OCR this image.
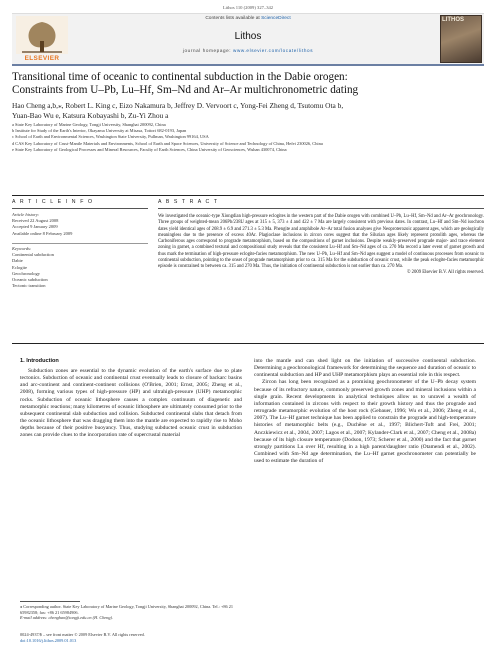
Lithos 110 (2009) 327–342
ELSEVIER
Contents lists available at ScienceDirect
Lithos
journal homepage: www.elsevier.com/locate/lithos
LITHOS
Transitional time of oceanic to continental subduction in the Dabie orogen:
Constraints from U–Pb, Lu–Hf, Sm–Nd and Ar–Ar multichronometric dating
Hao Cheng a,b,⁎, Robert L. King c, Eizo Nakamura b, Jeffrey D. Vervoort c, Yong-Fei Zheng d, Tsutomu Ota b,
Yuan-Bao Wu e, Katsura Kobayashi b, Zu-Yi Zhou a
a State Key Laboratory of Marine Geology, Tongji University, Shanghai 200092, China
b Institute for Study of the Earth's Interior, Okayama University at Misasa, Tottori 682-0193, Japan
c School of Earth and Environmental Sciences, Washington State University, Pullman, Washington 99164, USA
d CAS Key Laboratory of Crust-Mantle Materials and Environments, School of Earth and Space Sciences, University of Science and Technology of China, Hefei 230026, China
e State Key Laboratory of Geological Processes and Mineral Resources, Faculty of Earth Sciences, China University of Geosciences, Wuhan 430074, China
A R T I C L E I N F O	A B S T R A C T
Article history:
Received 22 August 2008
Accepted 9 January 2009
Available online 8 February 2009
Keywords:
Continental subduction
Dabie
Eclogite
Geochronology
Oceanic subduction
Tectonic transition
We investigated the oceanic-type Xiongdian high-pressure eclogites in the western part of the Dabie orogen with combined U–Pb, Lu–Hf, Sm–Nd and Ar–Ar geochronology. Three groups of weighted-mean 206Pb/238U ages at 315 ± 5, 373 ± 4 and 422 ± 7 Ma are largely consistent with previous dates. In contrast, Lu–Hf and Sm–Nd isochron dates yield identical ages of 268.9 ± 6.9 and 271.3 ± 5.3 Ma. Phengite and amphibole Ar–Ar total fusion analyses give Neoproterozoic apparent ages, which are geologically meaningless due to the presence of excess 40Ar. Plagioclase inclusions in zircon cores suggest that the Silurian ages likely represent protolith ages, whereas the Carboniferous ages correspond to prograde metamorphism, based on the compositions of garnet inclusions. Despite weakly-preserved prograde major- and trace element zoning in garnet, a combined textural and compositional study reveals that the consistent Lu–Hf and Sm–Nd ages of ca. 270 Ma record a later event of garnet growth and thus mark the termination of high-pressure eclogite-facies metamorphism. The new U–Pb, Lu–Hf and Sm–Nd ages suggest a model of continuous processes from oceanic to continental subduction, pointing to the onset of prograde metamorphism prior to ca. 315 Ma for the subduction of oceanic crust, while the peak eclogite-facies metamorphic episode is constrained to between ca. 315 and 270 Ma. Thus, the initiation of continental subduction is not earlier than ca. 270 Ma.
© 2009 Elsevier B.V. All rights reserved.
1. Introduction

Subduction zones are essential to the dynamic evolution of the earth's surface due to plate tectonics. Subduction of oceanic and continental crust eventually leads to closure of backarc basins and arc-continent and continent-continent collisions (O'Brien, 2001; Ernst, 2005; Zheng et al., 2008), forming various types of high-pressure (HP) and ultrahigh-pressure (UHP) metamorphic rocks. Subduction of oceanic lithosphere causes a complex continuum of diagenetic and metamorphic reactions; many kilometres of oceanic lithosphere are ultimately consumed prior to the subsequent continental slab subduction and collision. Subducted continental slabs that detach from the oceanic lithosphere that was dragging them into the mantle are expected to rapidly rise to Moho depths because of their positive buoyancy. Thus, studying subducted oceanic crust in subduction zones can provide clues to the incorporation rate of supercrustal material

into the mantle and can shed light on the initiation of successive continental subduction. Determining a geochronological framework for determining the sequence and duration of oceanic to continental subduction and HP and UHP metamorphism plays an essential role in this respect.

Zircon has long been recognized as a promising geochronometer of the U–Pb decay system because of its refractory nature, commonly preserved growth zones and mineral inclusions within a single grain. Recent developments in analytical techniques allow us to unravel a wealth of information contained in zircons with respect to their growth history and thus the prograde and retrograde metamorphic evolution of the host rock (Gebauer, 1996; Wu et al., 2006; Zheng et al., 2007). The Lu–Hf garnet technique has been applied to constrain the prograde and high-temperature histories of metamorphic belts (e.g., Duchêne et al., 1997; Blichert-Toft and Frei, 2001; Anczkiewicz et al., 2004, 2007; Lagos et al., 2007; Kylander-Clark et al., 2007; Cheng et al., 2008a) because of its high closure temperature (Dodson, 1973; Scherer et al., 2000) and the fact that garnet strongly partitions Lu over Hf, resulting in a high parent/daughter ratio (Otamendi et al., 2002). Combined with Sm–Nd age determination, the Lu–Hf garnet geochronometer can potentially be used to estimate the duration of

⁎ Corresponding author. State Key Laboratory of Marine Geology, Tongji University, Shanghai 200092, China. Tel.: +86 21 65982358; fax: +86 21 65984906.
E-mail address: chenghao@tongji.edu.cn (H. Cheng).
0024-4937/$ – see front matter © 2009 Elsevier B.V. All rights reserved.
doi:10.1016/j.lithos.2009.01.013
